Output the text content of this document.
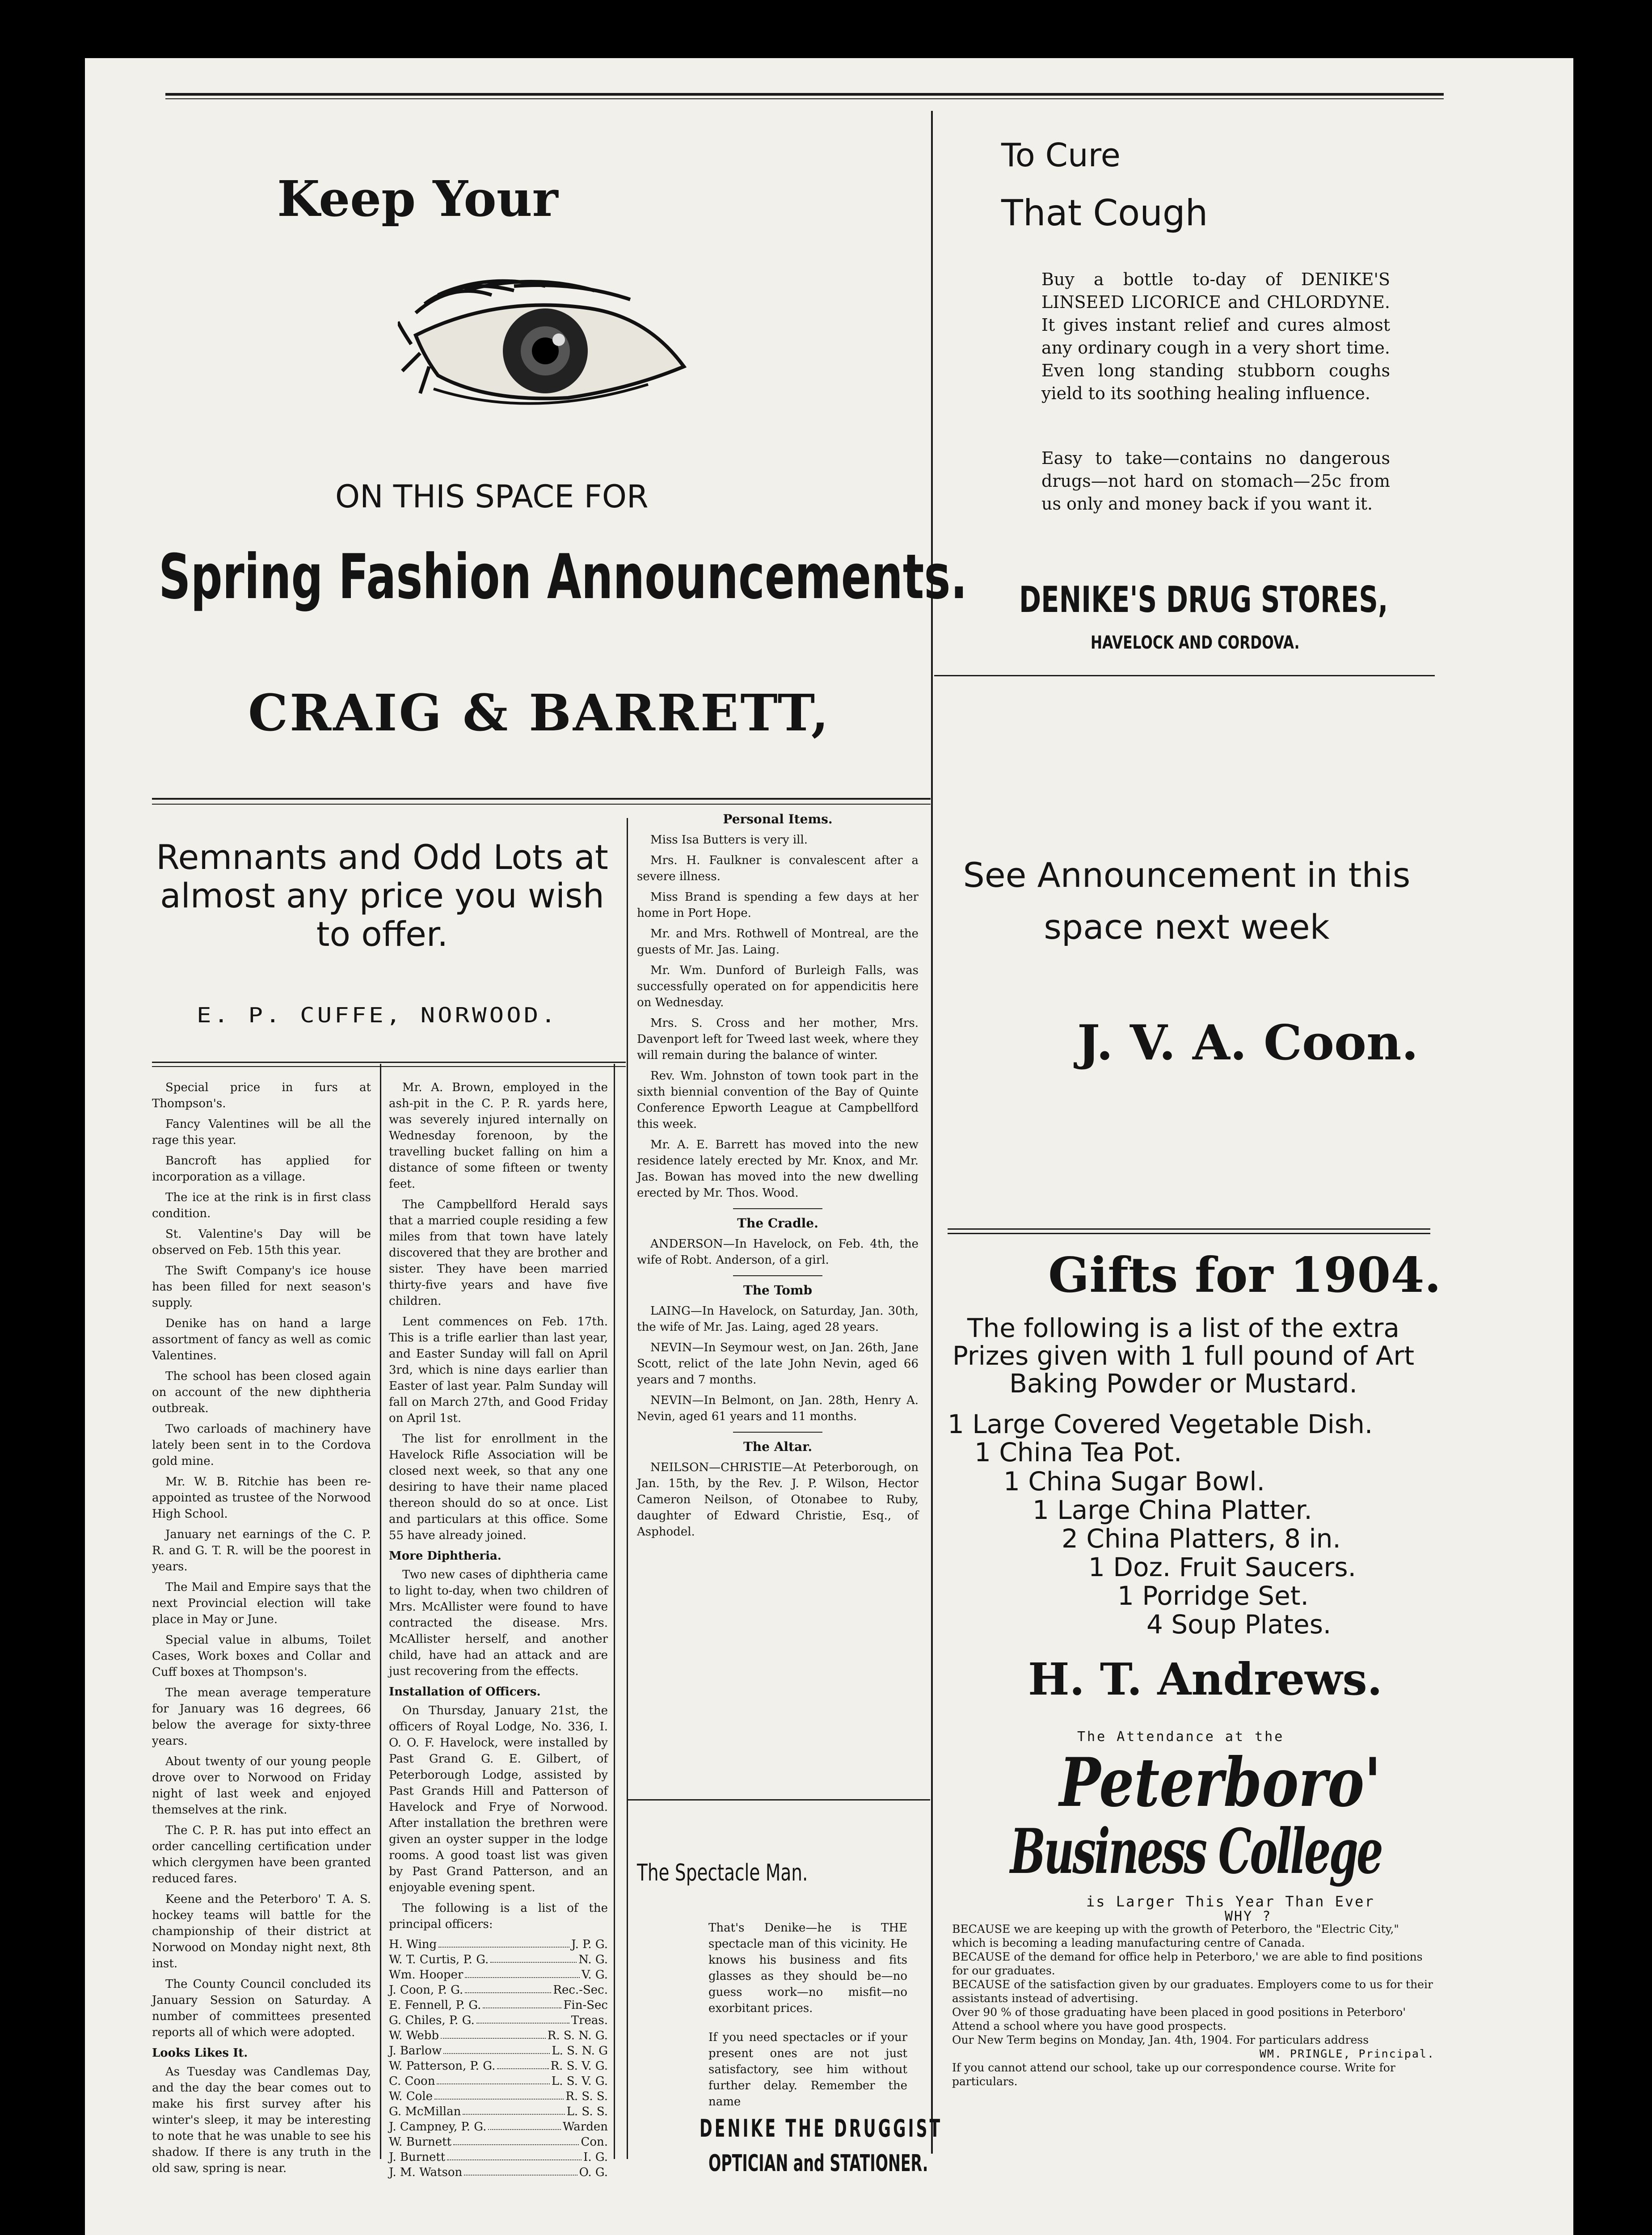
Keep Your
ON THIS SPACE FOR
Spring Fashion Announcements.
CRAIG & BARRETT,
To Cure
That Cough
Buy a bottle to-day of DENIKE'S LINSEED LICORICE and CHLORDYNE. It gives instant relief and cures almost any ordinary cough in a very short time. Even long standing stubborn coughs yield to its soothing healing influence.
Easy to take—contains no dangerous drugs—not hard on stomach—25c from us only and money back if you want it.
DENIKE'S DRUG STORES,
HAVELOCK AND CORDOVA.
Remnants and Odd Lots at almost any price you wish to offer.
E. P. CUFFE, NORWOOD.

Special price in furs at Thompson's.

Fancy Valentines will be all the rage this year.

Bancroft has applied for incorporation as a village.

The ice at the rink is in first class condition.

St. Valentine's Day will be observed on Feb. 15th this year.

The Swift Company's ice house has been filled for next season's supply.

Denike has on hand a large assortment of fancy as well as comic Valentines.

The school has been closed again on account of the new diphtheria outbreak.

Two carloads of machinery have lately been sent in to the Cordova gold mine.

Mr. W. B. Ritchie has been re-appointed as trustee of the Norwood High School.

January net earnings of the C. P. R. and G. T. R. will be the poorest in years.

The Mail and Empire says that the next Provincial election will take place in May or June.

Special value in albums, Toilet Cases, Work boxes and Collar and Cuff boxes at Thompson's.

The mean average temperature for January was 16 degrees, 66 below the average for sixty-three years.

About twenty of our young people drove over to Norwood on Friday night of last week and enjoyed themselves at the rink.

The C. P. R. has put into effect an order cancelling certification under which clergymen have been granted reduced fares.

Keene and the Peterboro' T. A. S. hockey teams will battle for the championship of their district at Norwood on Monday night next, 8th inst.

The County Council concluded its January Session on Saturday. A number of committees presented reports all of which were adopted.

Looks Likes It.

As Tuesday was Candlemas Day, and the day the bear comes out to make his first survey after his winter's sleep, it may be interesting to note that he was unable to see his shadow. If there is any truth in the old saw, spring is near.

Mr. A. Brown, employed in the ash-pit in the C. P. R. yards here, was severely injured internally on Wednesday forenoon, by the travelling bucket falling on him a distance of some fifteen or twenty feet.

The Campbellford Herald says that a married couple residing a few miles from that town have lately discovered that they are brother and sister. They have been married thirty-five years and have five children.

Lent commences on Feb. 17th. This is a trifle earlier than last year, and Easter Sunday will fall on April 3rd, which is nine days earlier than Easter of last year. Palm Sunday will fall on March 27th, and Good Friday on April 1st.

The list for enrollment in the Havelock Rifle Association will be closed next week, so that any one desiring to have their name placed thereon should do so at once. List and particulars at this office. Some 55 have already joined.

More Diphtheria.

Two new cases of diphtheria came to light to-day, when two children of Mrs. McAllister were found to have contracted the disease. Mrs. McAllister herself, and another child, have had an attack and are just recovering from the effects.

Installation of Officers.

On Thursday, January 21st, the officers of Royal Lodge, No. 336, I. O. O. F. Havelock, were installed by Past Grand G. E. Gilbert, of Peterborough Lodge, assisted by Past Grands Hill and Patterson of Havelock and Frye of Norwood. After installation the brethren were given an oyster supper in the lodge rooms. A good toast list was given by Past Grand Patterson, and an enjoyable evening spent.

The following is a list of the principal officers:

H. Wing	J. P. G.
W. T. Curtis, P. G.	N. G.
Wm. Hooper	V. G.
J. Coon, P. G.	Rec.-Sec.
E. Fennell, P. G.	Fin-Sec
G. Chiles, P. G.	Treas.
W. Webb	R. S. N. G.
J. Barlow	L. S. N. G
W. Patterson, P. G.	R. S. V. G.
C. Coon	L. S. V. G.
W. Cole	R. S. S.
G. McMillan	L. S. S.
J. Campney, P. G.	Warden
W. Burnett	Con.
J. Burnett	I. G.
J. M. Watson	O. G.
Personal Items.

Miss Isa Butters is very ill.

Mrs. H. Faulkner is convalescent after a severe illness.

Miss Brand is spending a few days at her home in Port Hope.

Mr. and Mrs. Rothwell of Montreal, are the guests of Mr. Jas. Laing.

Mr. Wm. Dunford of Burleigh Falls, was successfully operated on for appendicitis here on Wednesday.

Mrs. S. Cross and her mother, Mrs. Davenport left for Tweed last week, where they will remain during the balance of winter.

Rev. Wm. Johnston of town took part in the sixth biennial convention of the Bay of Quinte Conference Epworth League at Campbellford this week.

Mr. A. E. Barrett has moved into the new residence lately erected by Mr. Knox, and Mr. Jas. Bowan has moved into the new dwelling erected by Mr. Thos. Wood.

The Cradle.

ANDERSON—In Havelock, on Feb. 4th, the wife of Robt. Anderson, of a girl.

The Tomb

LAING—In Havelock, on Saturday, Jan. 30th, the wife of Mr. Jas. Laing, aged 28 years.

NEVIN—In Seymour west, on Jan. 26th, Jane Scott, relict of the late John Nevin, aged 66 years and 7 months.

NEVIN—In Belmont, on Jan. 28th, Henry A. Nevin, aged 61 years and 11 months.

The Altar.

NEILSON—CHRISTIE—At Peterborough, on Jan. 15th, by the Rev. J. P. Wilson, Hector Cameron Neilson, of Otonabee to Ruby, daughter of Edward Christie, Esq., of Asphodel.

The Spectacle Man.
That's Denike—he is THE spectacle man of this vicinity. He knows his business and fits glasses as they should be—no guess work—no misfit—no exorbitant prices.
If you need spectacles or if your present ones are not just satisfactory, see him without further delay. Remember the name
DENIKE THE DRUGGIST
OPTICIAN and STATIONER.
See Announcement in this space next week
J. V. A. Coon.
Gifts for 1904.
The following is a list of the extra Prizes given with 1 full pound of Art Baking Powder or Mustard.
1 Large Covered Vegetable Dish.
1 China Tea Pot.
1 China Sugar Bowl.
1 Large China Platter.
2 China Platters, 8 in.
1 Doz. Fruit Saucers.
1 Porridge Set.
4 Soup Plates.
H. T. Andrews.
The Attendance at the
Peterboro'
Business College
is Larger This Year Than Ever
WHY ?

BECAUSE we are keeping up with the growth of Peterboro, the "Electric City," which is becoming a leading manufacturing centre of Canada.

BECAUSE of the demand for office help in Peterboro,' we are able to find positions for our graduates.

BECAUSE of the satisfaction given by our graduates. Employers come to us for their assistants instead of advertising.

Over 90 % of those graduating have been placed in good positions in Peterboro' Attend a school where you have good prospects.

Our New Term begins on Monday, Jan. 4th, 1904. For particulars address

WM. PRINGLE, Principal.

If you cannot attend our school, take up our correspondence course. Write for particulars.
